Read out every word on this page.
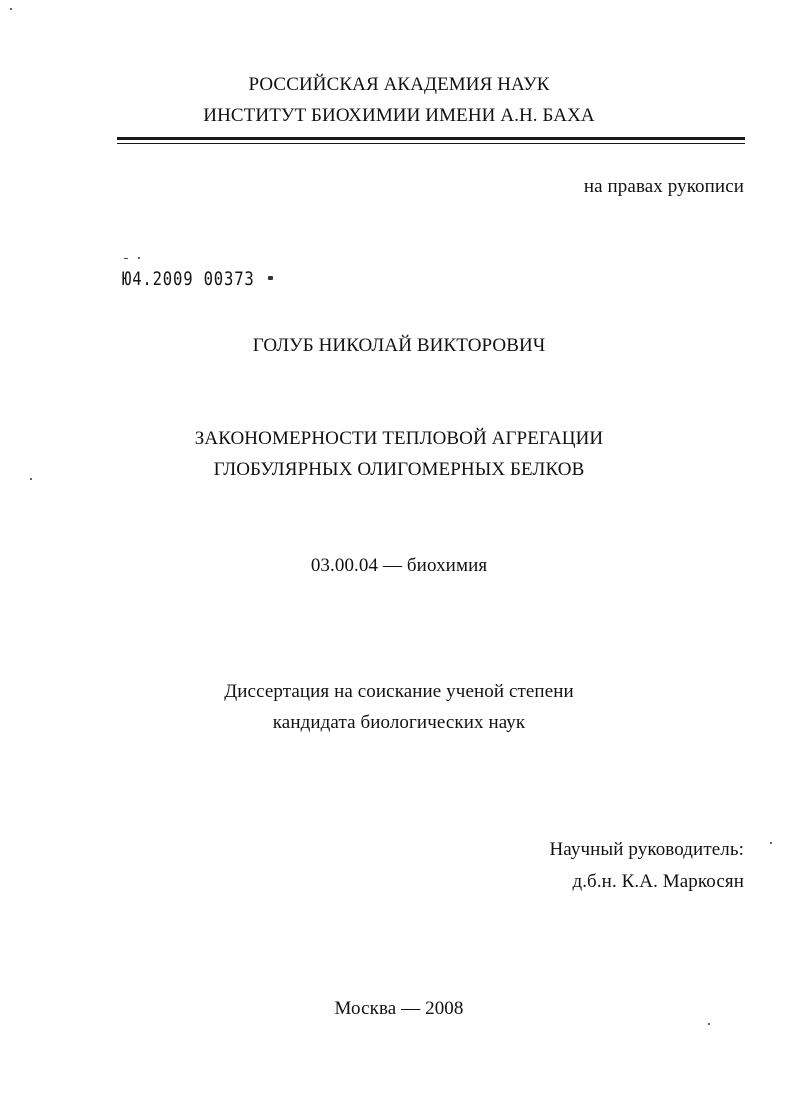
РОССИЙСКАЯ АКАДЕМИЯ НАУК
ИНСТИТУТ БИОХИМИИ ИМЕНИ А.Н. БАХА
на правах рукописи
Ю4.2009 00373
ГОЛУБ НИКОЛАЙ ВИКТОРОВИЧ
ЗАКОНОМЕРНОСТИ ТЕПЛОВОЙ АГРЕГАЦИИ
ГЛОБУЛЯРНЫХ ОЛИГОМЕРНЫХ БЕЛКОВ
03.00.04 — биохимия
Диссертация на соискание ученой степени
кандидата биологических наук
Научный руководитель:
д.б.н. К.А. Маркосян
Москва — 2008
